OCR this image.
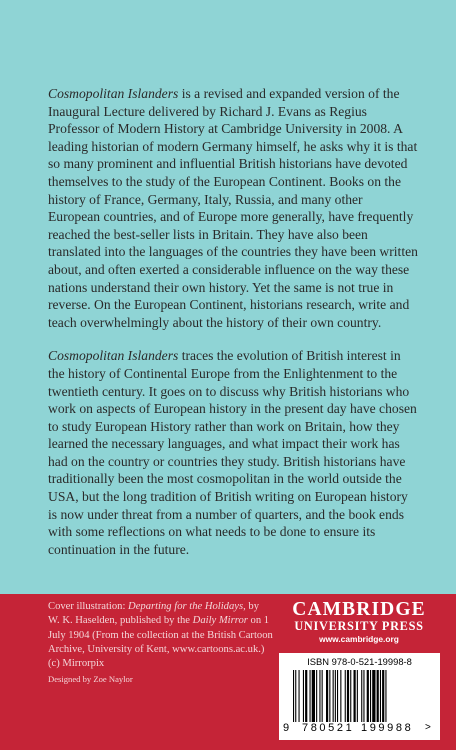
Cosmopolitan Islanders is a revised and expanded version of the Inaugural Lecture delivered by Richard J. Evans as Regius Professor of Modern History at Cambridge University in 2008. A leading historian of modern Germany himself, he asks why it is that so many prominent and influential British historians have devoted themselves to the study of the European Continent. Books on the history of France, Germany, Italy, Russia, and many other European countries, and of Europe more generally, have frequently reached the best-seller lists in Britain. They have also been translated into the languages of the countries they have been written about, and often exerted a considerable influence on the way these nations understand their own history. Yet the same is not true in reverse. On the European Continent, historians research, write and teach overwhelmingly about the history of their own country.

Cosmopolitan Islanders traces the evolution of British interest in the history of Continental Europe from the Enlightenment to the twentieth century. It goes on to discuss why British historians who work on aspects of European history in the present day have chosen to study European History rather than work on Britain, how they learned the necessary languages, and what impact their work has had on the country or countries they study. British historians have traditionally been the most cosmopolitan in the world outside the USA, but the long tradition of British writing on European history is now under threat from a number of quarters, and the book ends with some reflections on what needs to be done to ensure its continuation in the future.

Cover illustration: Departing for the Holidays, by W. K. Haselden, published by the Daily Mirror on 1 July 1904 (From the collection at the British Cartoon Archive, University of Kent, www.cartoons.ac.uk.) (c) Mirrorpix
Designed by Zoe Naylor
CAMBRIDGE
UNIVERSITY PRESS
www.cambridge.org
ISBN 978-0-521-19998-8
9 780521 199988 >
